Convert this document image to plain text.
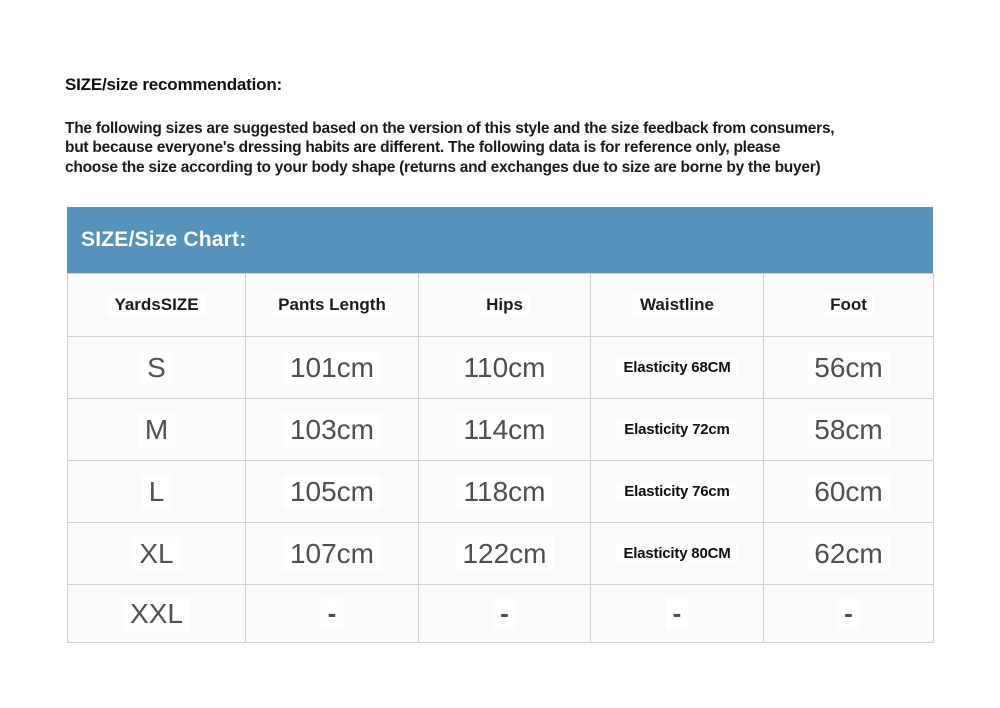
SIZE/size recommendation:
The following sizes are suggested based on the version of this style and the size feedback from consumers,
but because everyone's dressing habits are different. The following data is for reference only, please
choose the size according to your body shape (returns and exchanges due to size are borne by the buyer)
SIZE/Size Chart:
YardsSIZE	Pants Length	Hips	Waistline	Foot
S	101cm	110cm	Elasticity 68CM	56cm
M	103cm	114cm	Elasticity 72cm	58cm
L	105cm	118cm	Elasticity 76cm	60cm
XL	107cm	122cm	Elasticity 80CM	62cm
XXL	-	-	-	-
